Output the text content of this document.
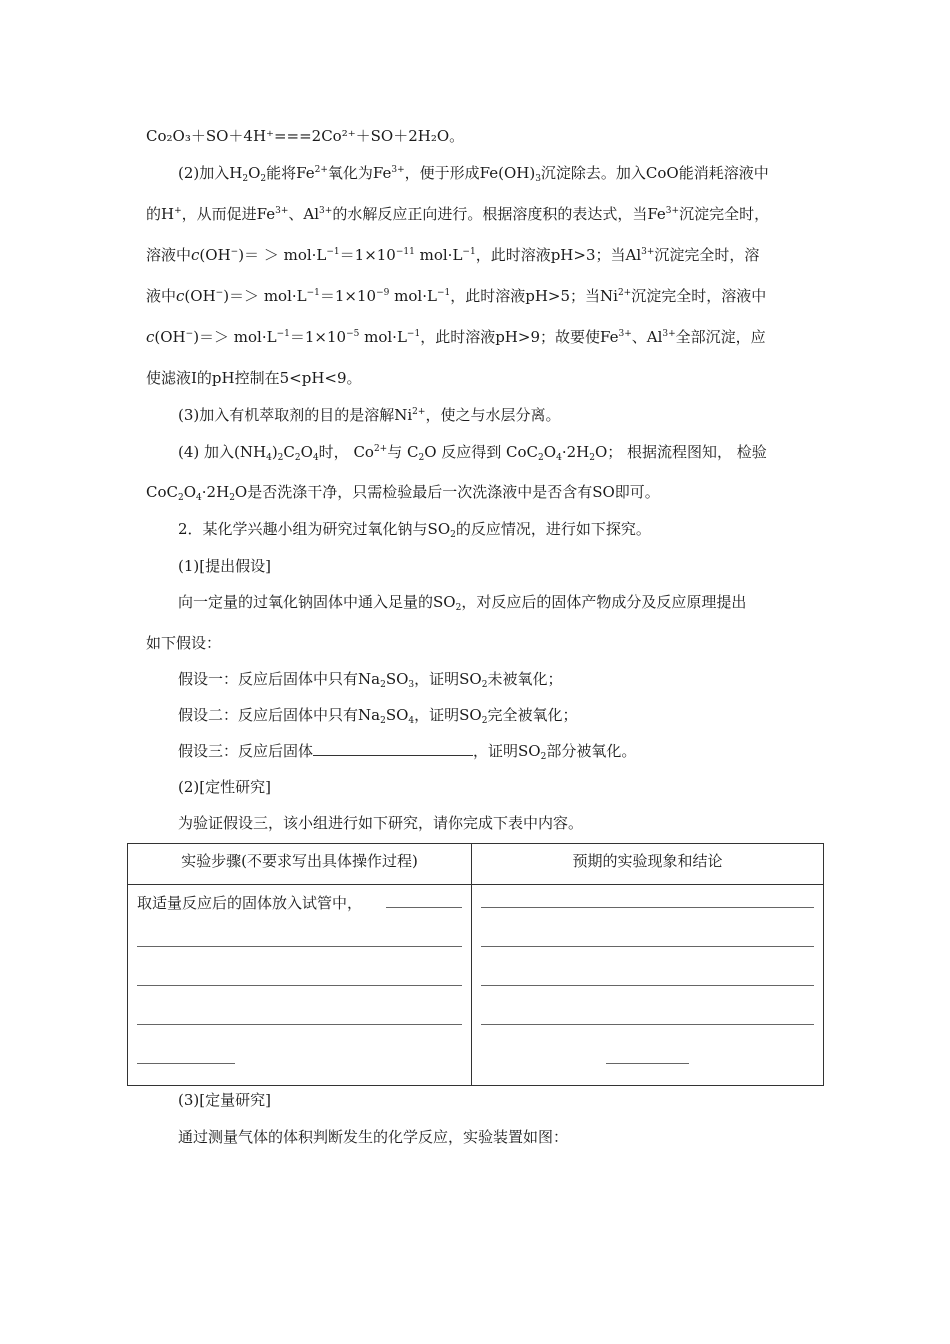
Co₂O₃＋SO＋4H⁺===2Co²⁺＋SO＋2H₂O。
(2)加入$H_2O_2$能将$Fe^{2+}$氧化为$Fe^{3+}$，便于形成$Fe(OH)_3$沉淀除去。加入CoO能消耗溶液中
的H+，从而促进$Fe^{3+}$、$Al^{3+}$的水解反应正向进行。根据溶度积的表达式，当$Fe^{3+}$沉淀完全时，
溶液中$c(OH^-)= > mol\cdot L^{-1}=1\times 10^{-11}$ $mol\cdot L^{-1}$，此时溶液pH>3；当$Al^{3+}$沉淀完全时，溶
液中$c(OH^-)=> mol\cdot L^{-1}=1\times 10^{-9}$ $mol\cdot L^{-1}$，此时溶液pH>5；当$Ni^{2+}$沉淀完全时，溶液中
$c(OH^-)=> mol\cdot L^{-1}=1\times 10^{-5}$ $mol\cdot L^{-1}$，此时溶液pH>9；故要使$Fe^{3+}$、$Al^{3+}$全部沉淀，应
使滤液Ⅰ的pH控制在5<pH<9。
(3)加入有机萃取剂的目的是溶解$Ni^{2+}$，使之与水层分离。
(4) 加入$(NH_4)_2C_2O_4$时， $Co^{2+}$与 $C_2O$ 反应得到 $CoC_2O_4\cdot 2H_2O$； 根据流程图知， 检验
$CoC_2O_4\cdot 2H_2O$是否洗涤干净，只需检验最后一次洗涤液中是否含有SO即可。
2．某化学兴趣小组为研究过氧化钠与$SO_2$的反应情况，进行如下探究。
(1)[提出假设]
向一定量的过氧化钠固体中通入足量的$SO_2$，对反应后的固体产物成分及反应原理提出
如下假设：
假设一：反应后固体中只有$Na_2SO_3$，证明$SO_2$未被氧化；
假设二：反应后固体中只有$Na_2SO_4$，证明$SO_2$完全被氧化；
假设三：反应后固体	，证明$SO_2$部分被氧化。
(2)[定性研究]
为验证假设三，该小组进行如下研究，请你完成下表中内容。
实验步骤(不要求写出具体操作过程)	预期的实验现象和结论

取适量反应后的固体放入试管中，	

(3)[定量研究]
通过测量气体的体积判断发生的化学反应，实验装置如图：
